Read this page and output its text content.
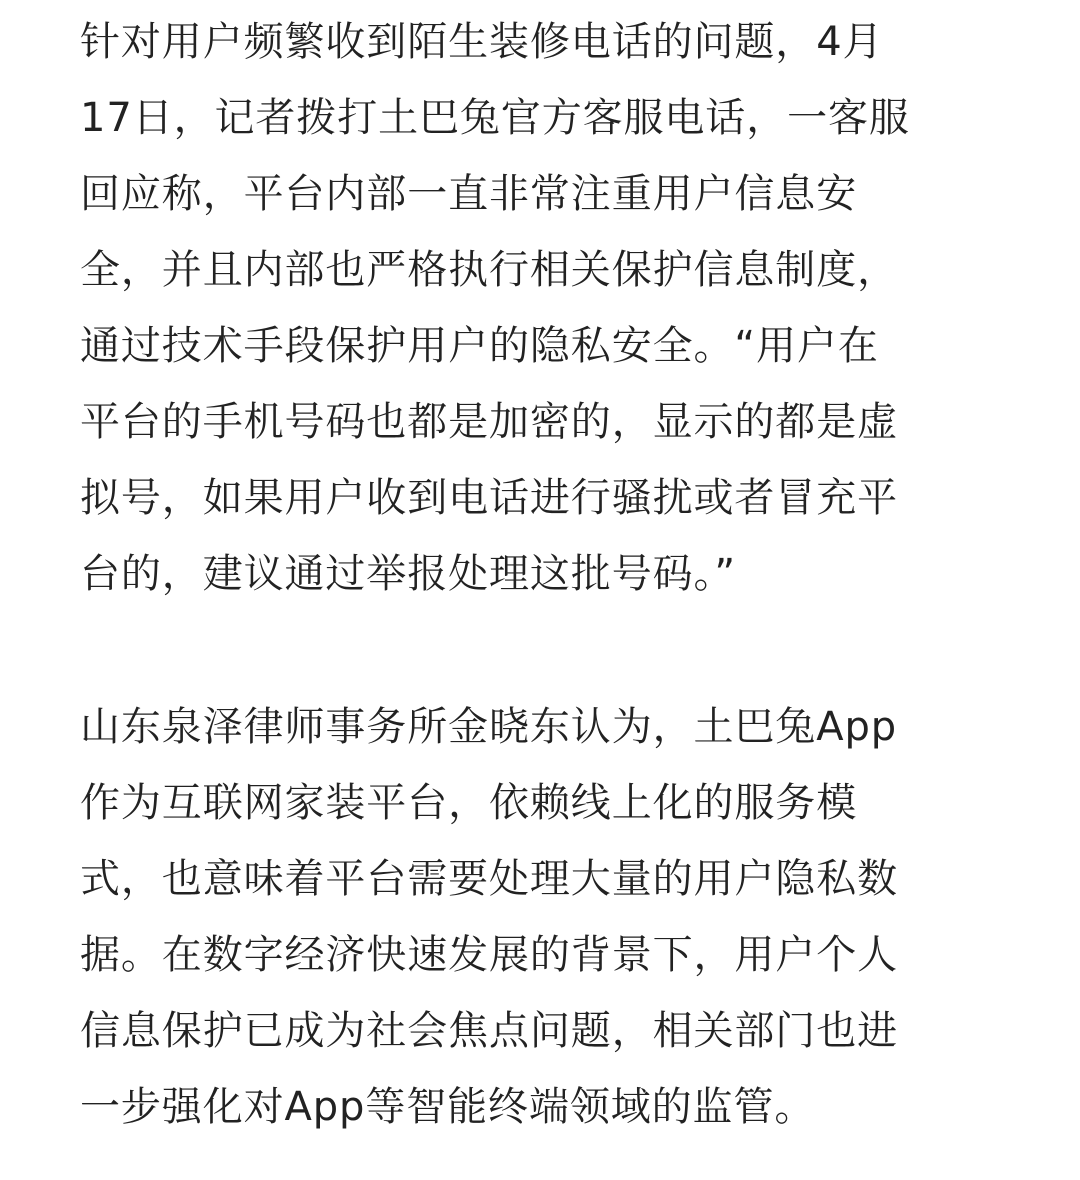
针对用户频繁收到陌生装修电话的问题，4月
17日，记者拨打土巴兔官方客服电话，一客服
回应称，平台内部一直非常注重用户信息安
全，并且内部也严格执行相关保护信息制度，
通过技术手段保护用户的隐私安全。“用户在
平台的手机号码也都是加密的，显示的都是虚
拟号，如果用户收到电话进行骚扰或者冒充平
台的，建议通过举报处理这批号码。”
山东泉泽律师事务所金晓东认为，土巴兔App
作为互联网家装平台，依赖线上化的服务模
式，也意味着平台需要处理大量的用户隐私数
据。在数字经济快速发展的背景下，用户个人
信息保护已成为社会焦点问题，相关部门也进
一步强化对App等智能终端领域的监管。
